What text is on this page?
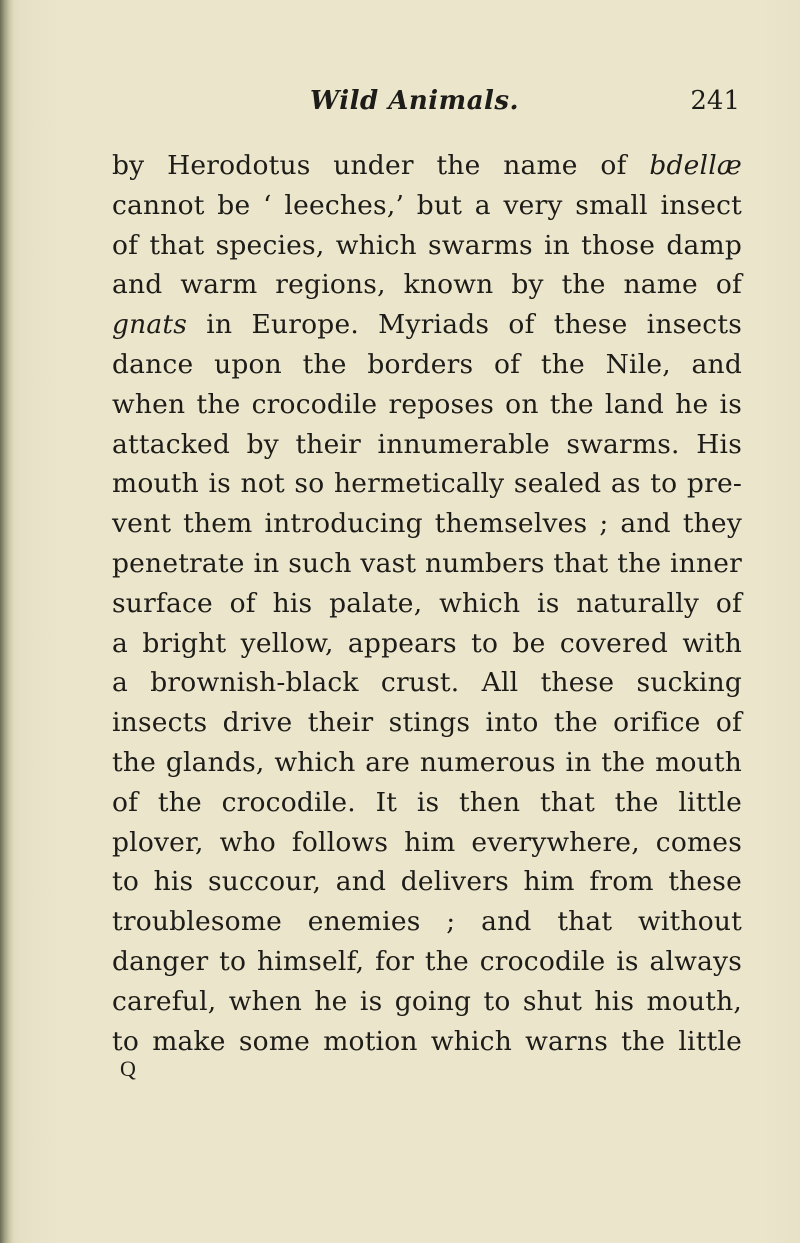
Wild Animals.	241
by Herodotus under the name of bdellæ
cannot be ‘ leeches,’ but a very small insect
of that species, which swarms in those damp
and warm regions, known by the name of
gnats in Europe. Myriads of these insects
dance upon the borders of the Nile, and
when the crocodile reposes on the land he is
attacked by their innumerable swarms. His
mouth is not so hermetically sealed as to pre-
vent them introducing themselves ; and they
penetrate in such vast numbers that the inner
surface of his palate, which is naturally of
a bright yellow, appears to be covered with
a brownish-black crust. All these sucking
insects drive their stings into the orifice of
the glands, which are numerous in the mouth
of the crocodile. It is then that the little
plover, who follows him everywhere, comes
to his succour, and delivers him from these
troublesome enemies ; and that without
danger to himself, for the crocodile is always
careful, when he is going to shut his mouth,
to make some motion which warns the little
Q
